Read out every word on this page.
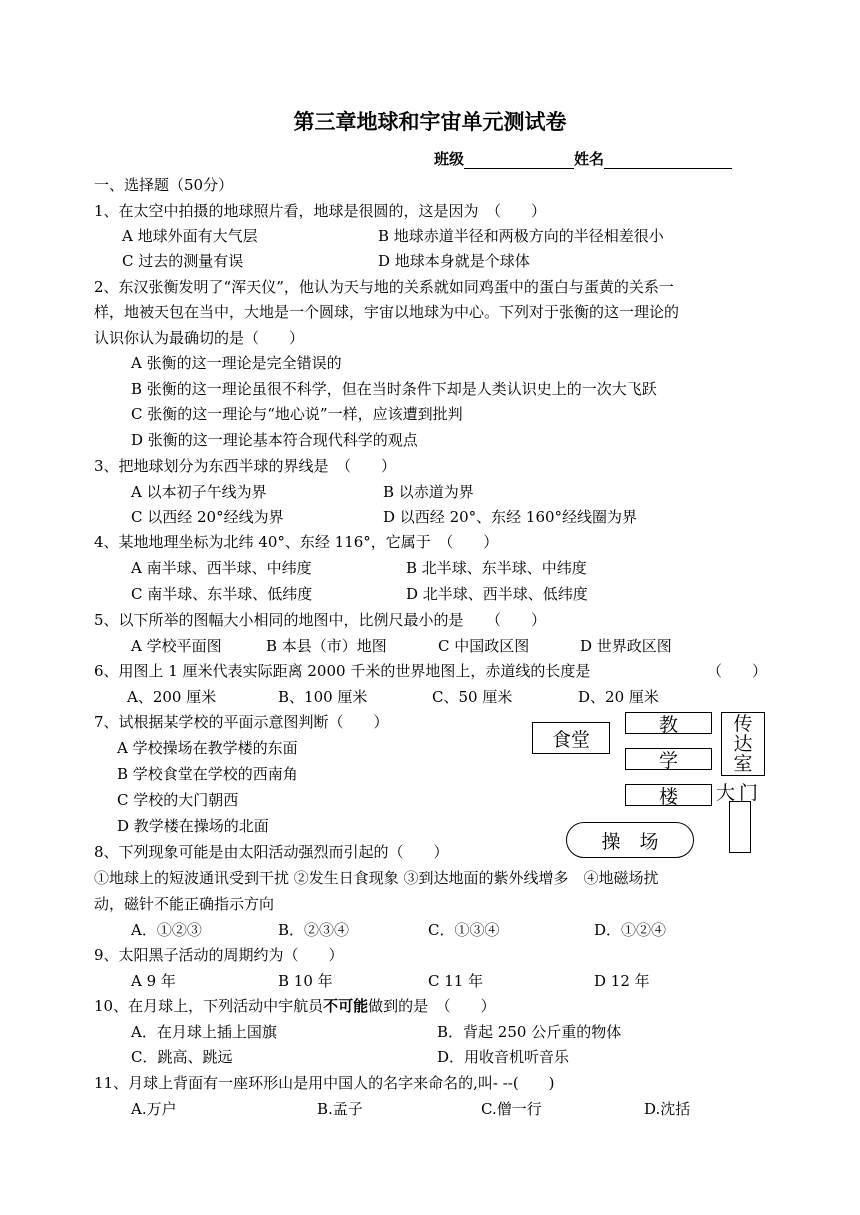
第三章地球和宇宙单元测试卷
班级	姓名
一、选择题（50分）
1、在太空中拍摄的地球照片看，地球是很圆的，这是因为　（　　）
A 地球外面有大气层	B 地球赤道半径和两极方向的半径相差很小
C 过去的测量有误	D 地球本身就是个球体
2、东汉张衡发明了“浑天仪”，他认为天与地的关系就如同鸡蛋中的蛋白与蛋黄的关系一
样，地被天包在当中，大地是一个圆球，宇宙以地球为中心。下列对于张衡的这一理论的
认识你认为最确切的是（　　）
A 张衡的这一理论是完全错误的
B 张衡的这一理论虽很不科学，但在当时条件下却是人类认识史上的一次大飞跃
C 张衡的这一理论与“地心说”一样，应该遭到批判
D 张衡的这一理论基本符合现代科学的观点
3、把地球划分为东西半球的界线是　（　　）
A 以本初子午线为界	B 以赤道为界
C 以西经 20°经线为界	D 以西经 20°、东经 160°经线圈为界
4、某地地理坐标为北纬 40°、东经 116°，它属于　（　　）
A 南半球、西半球、中纬度	B 北半球、东半球、中纬度
C 南半球、东半球、低纬度	D 北半球、西半球、低纬度
5、以下所举的图幅大小相同的地图中，比例尺最小的是　　（　　）
A 学校平面图	B 本县（市）地图	C 中国政区图	D 世界政区图
6、用图上 1 厘米代表实际距离 2000 千米的世界地图上，赤道线的长度是	（　　）
A、200 厘米	B、100 厘米	C、50 厘米	D、20 厘米
7、试根据某学校的平面示意图判断（　　）
A 学校操场在教学楼的东面
B 学校食堂在学校的西南角
C 学校的大门朝西
D 教学楼在操场的北面
食堂
教
学
楼
传
达
室
大门
操　场
8、下列现象可能是由太阳活动强烈而引起的（　　）
①地球上的短波通讯受到干扰 ②发生日食现象 ③到达地面的紫外线增多　④地磁场扰
动，磁针不能正确指示方向
A．①②③	B．②③④	C．①③④	D．①②④
9、太阳黑子活动的周期约为（　　）
A 9 年	B 10 年	C 11 年	D 12 年
10、在月球上，下列活动中宇航员不可能做到的是　（　　）
A．在月球上插上国旗	B．背起 250 公斤重的物体
C．跳高、跳远	D．用收音机听音乐
11、月球上背面有一座环形山是用中国人的名字来命名的,叫- --(　　)
A.万户	B.孟子	C.僧一行	D.沈括
